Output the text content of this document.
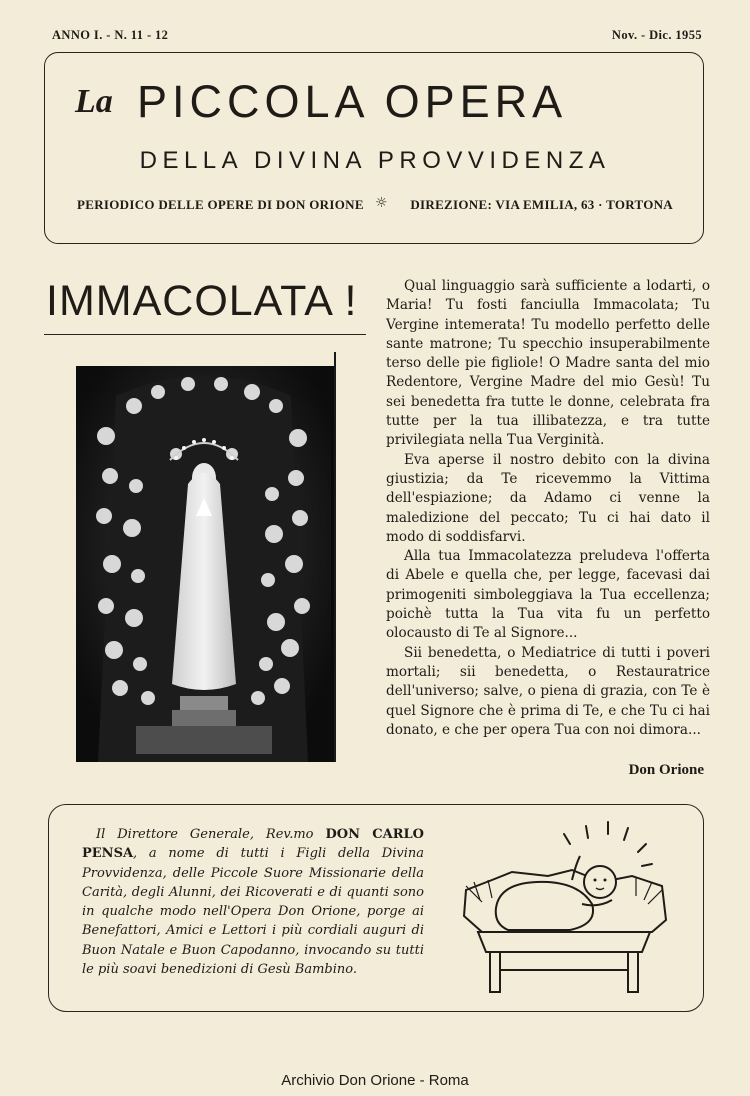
ANNO I. - N. 11 - 12	Nov. - Dic. 1955
La PICCOLA OPERA
DELLA DIVINA PROVVIDENZA
PERIODICO DELLE OPERE DI DON ORIONE ☼ DIREZIONE: VIA EMILIA, 63 · TORTONA
IMMACOLATA !	Qual linguaggio sarà sufficiente a lodarti, o Maria! Tu fosti fanciulla Immacolata; Tu Vergine intemerata! Tu modello perfetto delle sante matrone; Tu specchio insuperabilmente terso delle pie figliole! O Madre santa del mio Redentore, Vergine Madre del mio Gesù! Tu sei benedetta fra tutte le donne, celebrata fra tutte per la tua illibatezza, e tra tutte privilegiata nella Tua Verginità.

Eva aperse il nostro debito con la divina giustizia; da Te ricevemmo la Vittima dell'espiazione; da Adamo ci venne la maledizione del peccato; Tu ci hai dato il modo di soddisfarvi.

Alla tua Immacolatezza preludeva l'offerta di Abele e quella che, per legge, facevasi dai primogeniti simboleggiava la Tua eccellenza; poichè tutta la Tua vita fu un perfetto olocausto di Te al Signore...

Sii benedetta, o Mediatrice di tutti i poveri mortali; sii benedetta, o Restauratrice dell'universo; salve, o piena di grazia, con Te è quel Signore che è prima di Te, e che Tu ci hai donato, e che per opera Tua con noi dimora...

Don Orione

Il Direttore Generale, Rev.mo DON CARLO PENSA, a nome di tutti i Figli della Divina Provvidenza, delle Piccole Suore Missionarie della Carità, degli Alunni, dei Ricoverati e di quanti sono in qualche modo nell'Opera Don Orione, porge ai Benefattori, Amici e Lettori i più cordiali auguri di Buon Natale e Buon Capodanno, invocando su tutti le più soavi benedizioni di Gesù Bambino.

Archivio Don Orione - Roma
